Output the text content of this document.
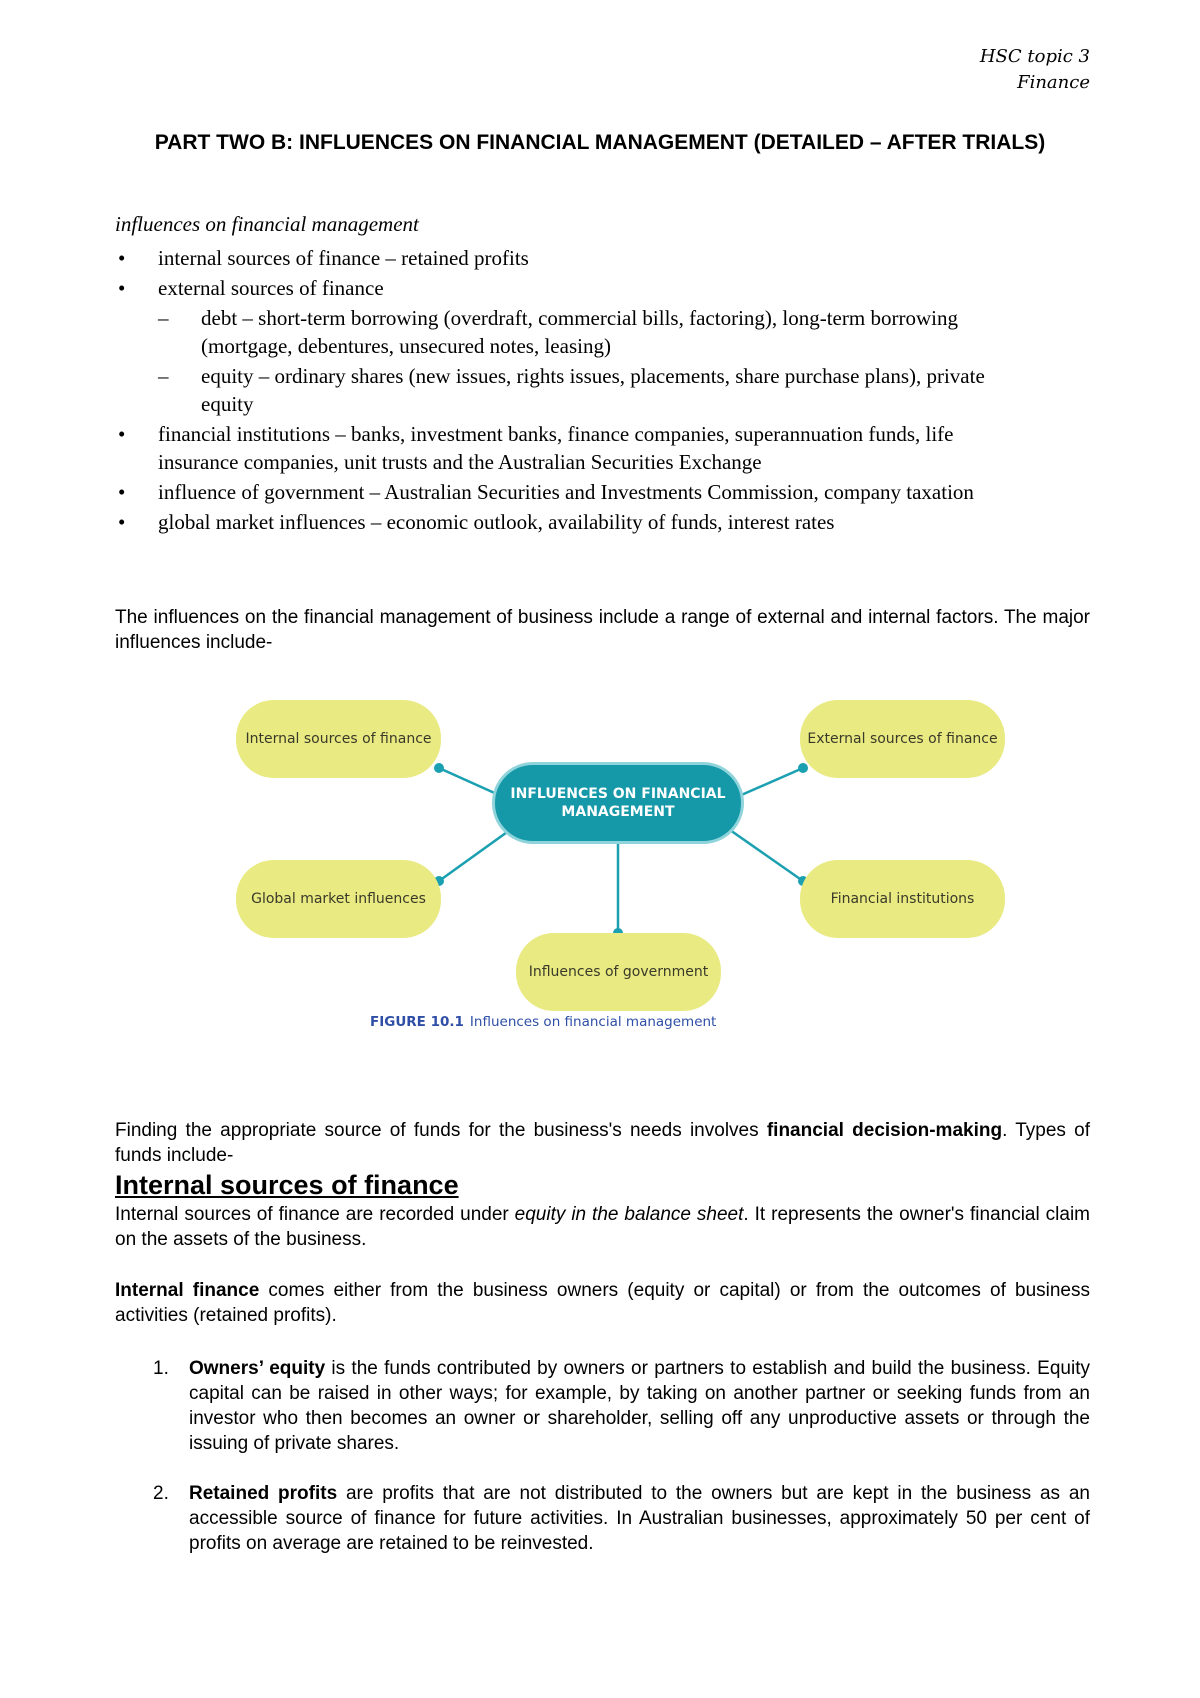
HSC topic 3
Finance
PART TWO B: INFLUENCES ON FINANCIAL MANAGEMENT (DETAILED – AFTER TRIALS)
influences on financial management
• internal sources of finance – retained profits
• external sources of finance
– debt – short-term borrowing (overdraft, commercial bills, factoring), long-term borrowing (mortgage, debentures, unsecured notes, leasing)
– equity – ordinary shares (new issues, rights issues, placements, share purchase plans), private equity
• financial institutions – banks, investment banks, finance companies, superannuation funds, life insurance companies, unit trusts and the Australian Securities Exchange
• influence of government – Australian Securities and Investments Commission, company taxation
• global market influences – economic outlook, availability of funds, interest rates

The influences on the financial management of business include a range of external and internal factors. The major influences include-

Internal sources of finance	External sources of finance
Global market influences	Financial institutions
Influences of government
INFLUENCES ON FINANCIAL MANAGEMENT
FIGURE 10.1 Influences on financial management

Finding the appropriate source of funds for the business's needs involves financial decision-making. Types of funds include-

Internal sources of finance

Internal sources of finance are recorded under equity in the balance sheet. It represents the owner's financial claim on the assets of the business.

Internal finance comes either from the business owners (equity or capital) or from the outcomes of business activities (retained profits).

1. Owners’ equity is the funds contributed by owners or partners to establish and build the business. Equity capital can be raised in other ways; for example, by taking on another partner or seeking funds from an investor who then becomes an owner or shareholder, selling off any unproductive assets or through the issuing of private shares.
2. Retained profits are profits that are not distributed to the owners but are kept in the business as an accessible source of finance for future activities. In Australian businesses, approximately 50 per cent of profits on average are retained to be reinvested.
